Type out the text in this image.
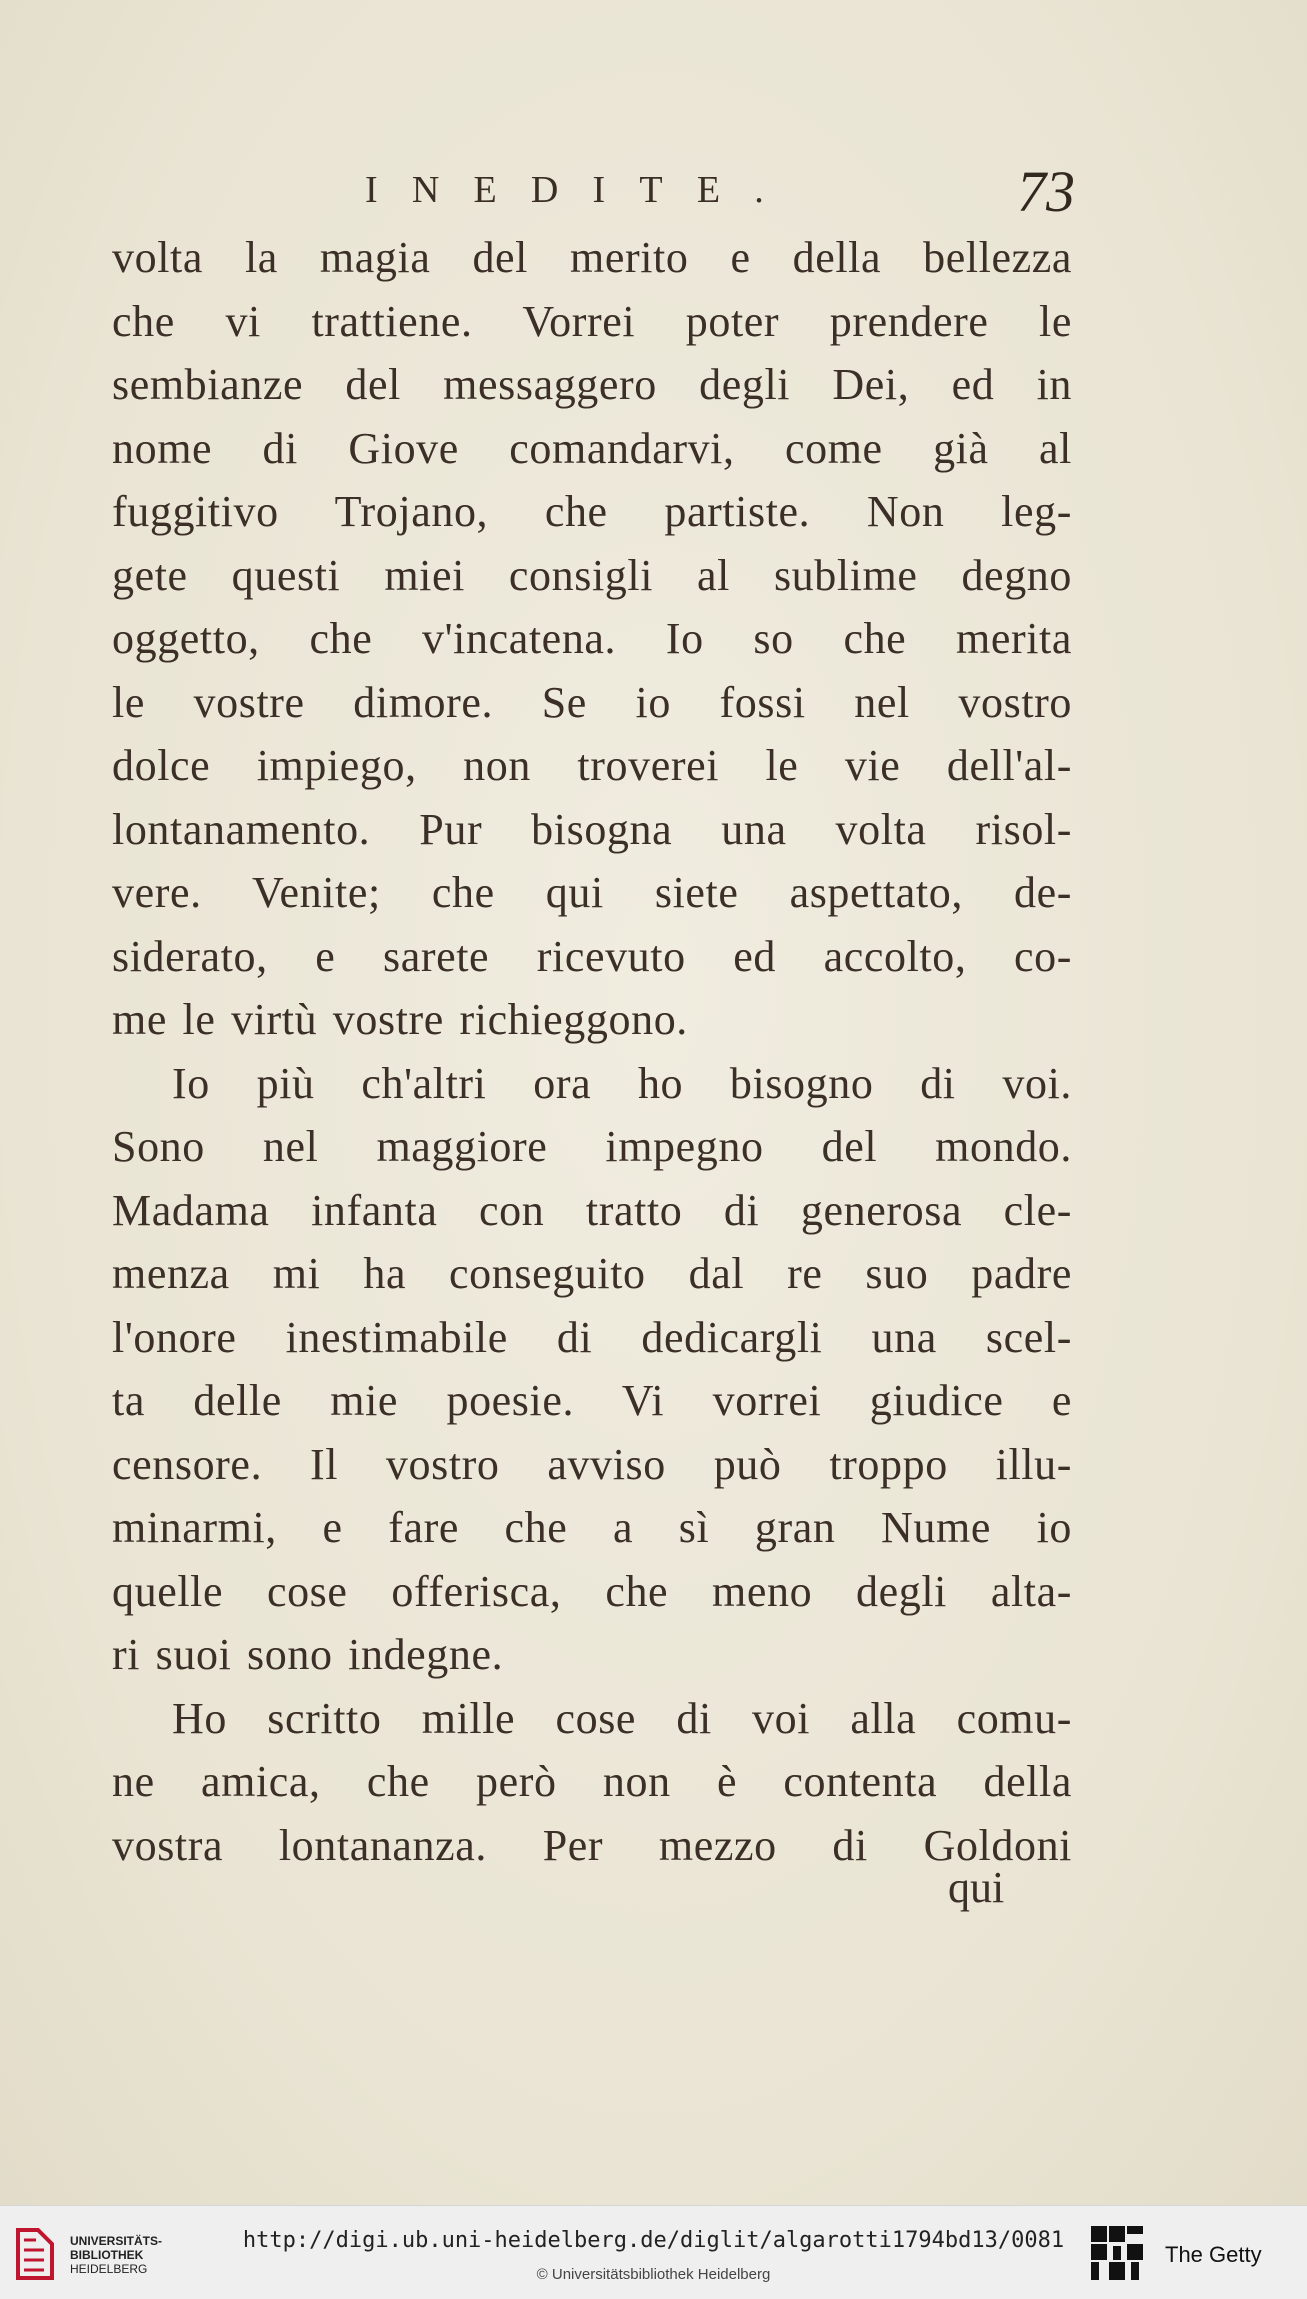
INEDITE.	73
volta la magia del merito e della bellezza
che vi trattiene. Vorrei poter prendere le
sembianze del messaggero degli Dei, ed in
nome di Giove comandarvi, come già al
fuggitivo Trojano, che partiste. Non leg-
gete questi miei consigli al sublime degno
oggetto, che v'incatena. Io so che merita
le vostre dimore. Se io fossi nel vostro
dolce impiego, non troverei le vie dell'al-
lontanamento. Pur bisogna una volta risol-
vere. Venite; che qui siete aspettato, de-
siderato, e sarete ricevuto ed accolto, co-
me le virtù vostre richieggono.
Io più ch'altri ora ho bisogno di voi.
Sono nel maggiore impegno del mondo.
Madama infanta con tratto di generosa cle-
menza mi ha conseguito dal re suo padre
l'onore inestimabile di dedicargli una scel-
ta delle mie poesie. Vi vorrei giudice e
censore. Il vostro avviso può troppo illu-
minarmi, e fare che a sì gran Nume io
quelle cose offerisca, che meno degli alta-
ri suoi sono indegne.
Ho scritto mille cose di voi alla comu-
ne amica, che però non è contenta della
vostra lontananza. Per mezzo di Goldoni
qui
UNIVERSITÄTS-
BIBLIOTHEK
HEIDELBERG
http://digi.ub.uni-heidelberg.de/diglit/algarotti1794bd13/0081
© Universitätsbibliothek Heidelberg
The Getty
